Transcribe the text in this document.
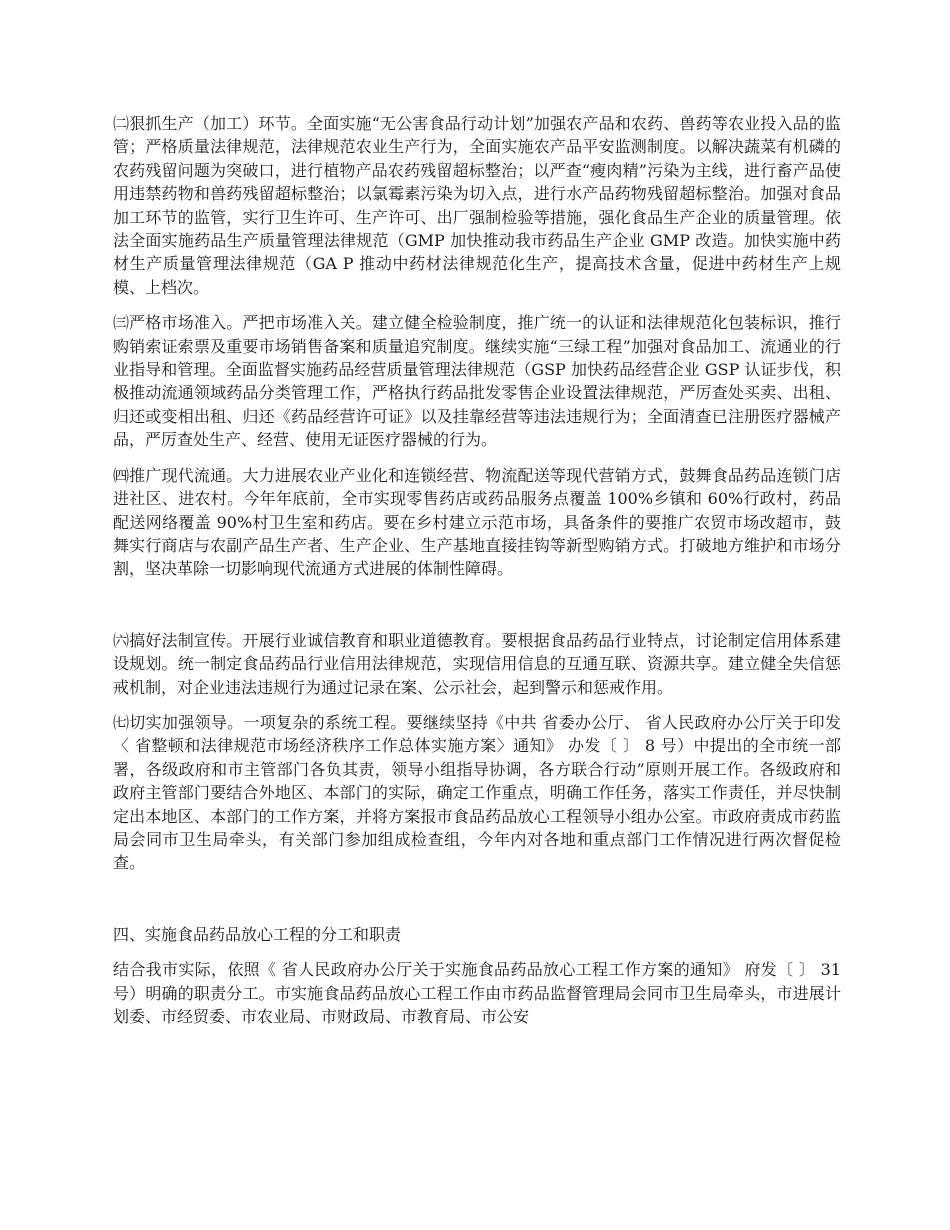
㈡狠抓生产（加工）环节。全面实施“无公害食品行动计划”加强农产品和农药、兽药等农业投入品的监管；严格质量法律规范，法律规范农业生产行为，全面实施农产品平安监测制度。以解决蔬菜有机磷的农药残留问题为突破口，进行植物产品农药残留超标整治；以严查“瘦肉精”污染为主线，进行畜产品使用违禁药物和兽药残留超标整治；以氯霉素污染为切入点，进行水产品药物残留超标整治。加强对食品加工环节的监管，实行卫生许可、生产许可、出厂强制检验等措施，强化食品生产企业的质量管理。依法全面实施药品生产质量管理法律规范（GMP 加快推动我市药品生产企业 GMP 改造。加快实施中药材生产质量管理法律规范（GA P 推动中药材法律规范化生产，提高技术含量，促进中药材生产上规模、上档次。

㈢严格市场准入。严把市场准入关。建立健全检验制度，推广统一的认证和法律规范化包装标识，推行购销索证索票及重要市场销售备案和质量追究制度。继续实施“三绿工程”加强对食品加工、流通业的行业指导和管理。全面监督实施药品经营质量管理法律规范（GSP 加快药品经营企业 GSP 认证步伐，积极推动流通领域药品分类管理工作，严格执行药品批发零售企业设置法律规范，严厉查处买卖、出租、归还或变相出租、归还《药品经营许可证》以及挂靠经营等违法违规行为；全面清查已注册医疗器械产品，严厉查处生产、经营、使用无证医疗器械的行为。

㈣推广现代流通。大力进展农业产业化和连锁经营、物流配送等现代营销方式，鼓舞食品药品连锁门店进社区、进农村。今年年底前，全市实现零售药店或药品服务点覆盖 100%乡镇和 60%行政村，药品配送网络覆盖 90%村卫生室和药店。要在乡村建立示范市场，具备条件的要推广农贸市场改超市，鼓舞实行商店与农副产品生产者、生产企业、生产基地直接挂钩等新型购销方式。打破地方维护和市场分割，坚决革除一切影响现代流通方式进展的体制性障碍。

㈥搞好法制宣传。开展行业诚信教育和职业道德教育。要根据食品药品行业特点，讨论制定信用体系建设规划。统一制定食品药品行业信用法律规范，实现信用信息的互通互联、资源共享。建立健全失信惩戒机制，对企业违法违规行为通过记录在案、公示社会，起到警示和惩戒作用。

㈦切实加强领导。一项复杂的系统工程。要继续坚持《中共 省委办公厅、 省人民政府办公厅关于印发〈 省整顿和法律规范市场经济秩序工作总体实施方案〉通知》 办发〔 〕 8 号）中提出的全市统一部署，各级政府和市主管部门各负其责，领导小组指导协调，各方联合行动”原则开展工作。各级政府和政府主管部门要结合外地区、本部门的实际，确定工作重点，明确工作任务，落实工作责任，并尽快制定出本地区、本部门的工作方案，并将方案报市食品药品放心工程领导小组办公室。市政府责成市药监局会同市卫生局牵头，有关部门参加组成检查组，今年内对各地和重点部门工作情况进行两次督促检查。

四、实施食品药品放心工程的分工和职责

结合我市实际，依照《 省人民政府办公厅关于实施食品药品放心工程工作方案的通知》 府发〔 〕 31 号）明确的职责分工。市实施食品药品放心工程工作由市药品监督管理局会同市卫生局牵头，市进展计划委、市经贸委、市农业局、市财政局、市教育局、市公安
